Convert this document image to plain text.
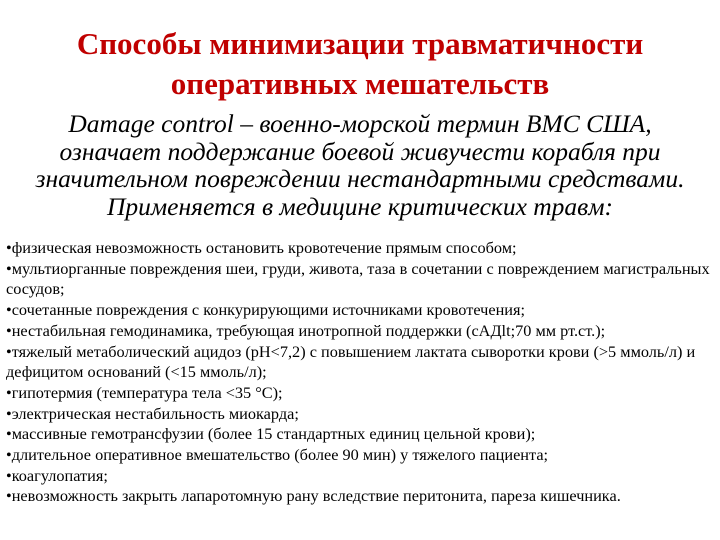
Способы минимизации травматичности
оперативных мешательств

Damage control – военно-морской термин ВМС США,
означает поддержание боевой живучести корабля при
значительном повреждении нестандартными средствами.
Применяется в медицине критических травм:

•физическая невозможность остановить кровотечение прямым способом;
•мультиорганные повреждения шеи, груди, живота, таза в сочетании с повреждением магистральных сосудов;
•сочетанные повреждения с конкурирующими источниками кровотечения;
•нестабильная гемодинамика, требующая инотропной поддержки (сАДlt;70 мм рт.ст.);
•тяжелый метаболический ацидоз (рН<7,2) с повышением лактата сыворотки крови (>5 ммоль/л) и дефицитом оснований (<15 ммоль/л);
•гипотермия (температура тела <35 °С);
•электрическая нестабильность миокарда;
•массивные гемотрансфузии (более 15 стандартных единиц цельной крови);
•длительное оперативное вмешательство (более 90 мин) у тяжелого пациента;
•коагулопатия;
•невозможность закрыть лапаротомную рану вследствие перитонита, пареза кишечника.
